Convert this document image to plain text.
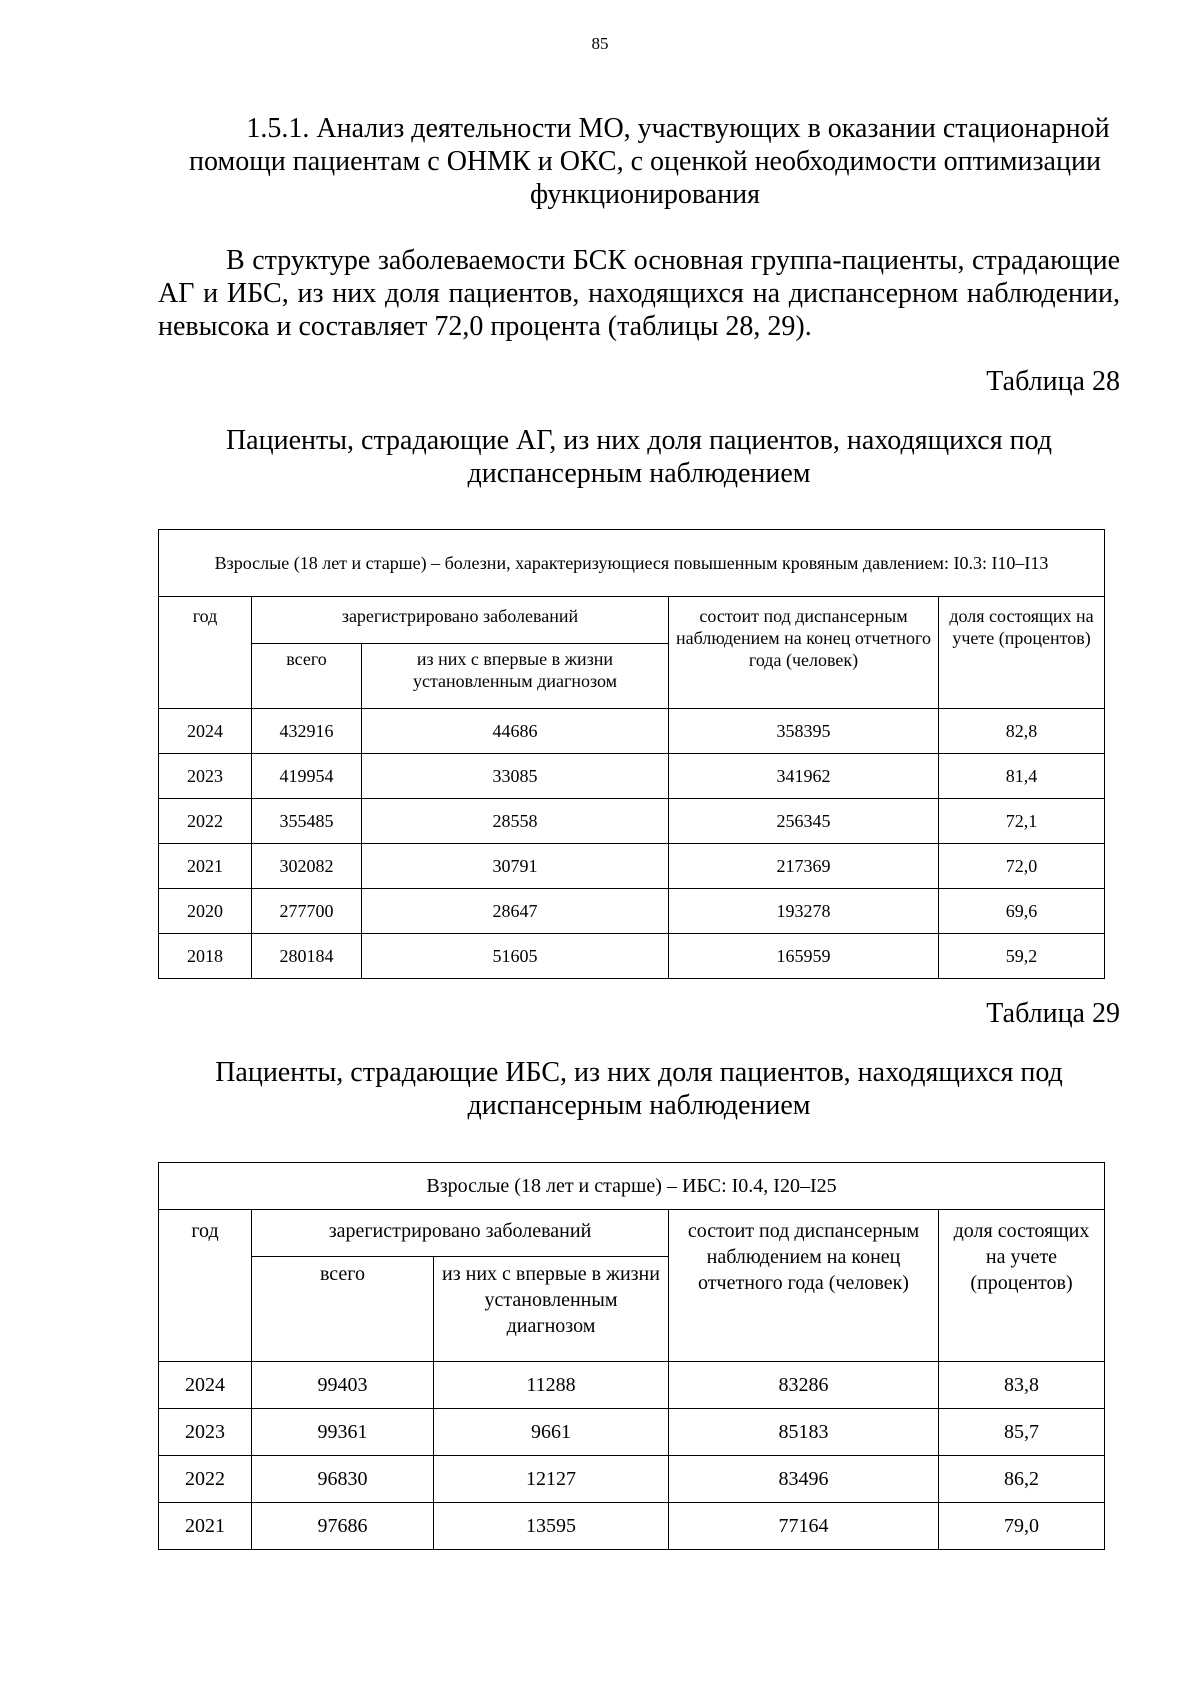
85
1.5.1. Анализ деятельности МО, участвующих в оказании стационарной
помощи пациентам с ОНМК и ОКС, с оценкой необходимости оптимизации функционирования
В структуре заболеваемости БСК основная группа-пациенты, страдающие АГ и ИБС, из них доля пациентов, находящихся на диспансерном наблюдении, невысока и составляет 72,0 процента (таблицы 28, 29).
Таблица 28
Пациенты, страдающие АГ, из них доля пациентов, находящихся под диспансерным наблюдением
Взрослые (18 лет и старше) – болезни, характеризующиеся повышенным кровяным давлением: I0.3: I10–I13				
год	зарегистрировано заболеваний		состоит под диспансерным наблюдением на конец отчетного года (человек)	доля состоящих на учете (процентов)
	всего	из них с впервые в жизни установленным диагнозом		
2024	432916	44686	358395	82,8
2023	419954	33085	341962	81,4
2022	355485	28558	256345	72,1
2021	302082	30791	217369	72,0
2020	277700	28647	193278	69,6
2018	280184	51605	165959	59,2
Таблица 29
Пациенты, страдающие ИБС, из них доля пациентов, находящихся под диспансерным наблюдением
Взрослые (18 лет и старше) – ИБС: I0.4, I20–I25				
год	зарегистрировано заболеваний		состоит под диспансерным наблюдением на конец отчетного года (человек)	доля состоящих на учете (процентов)
	всего	из них с впервые в жизни установленным диагнозом		
2024	99403	11288	83286	83,8
2023	99361	9661	85183	85,7
2022	96830	12127	83496	86,2
2021	97686	13595	77164	79,0
